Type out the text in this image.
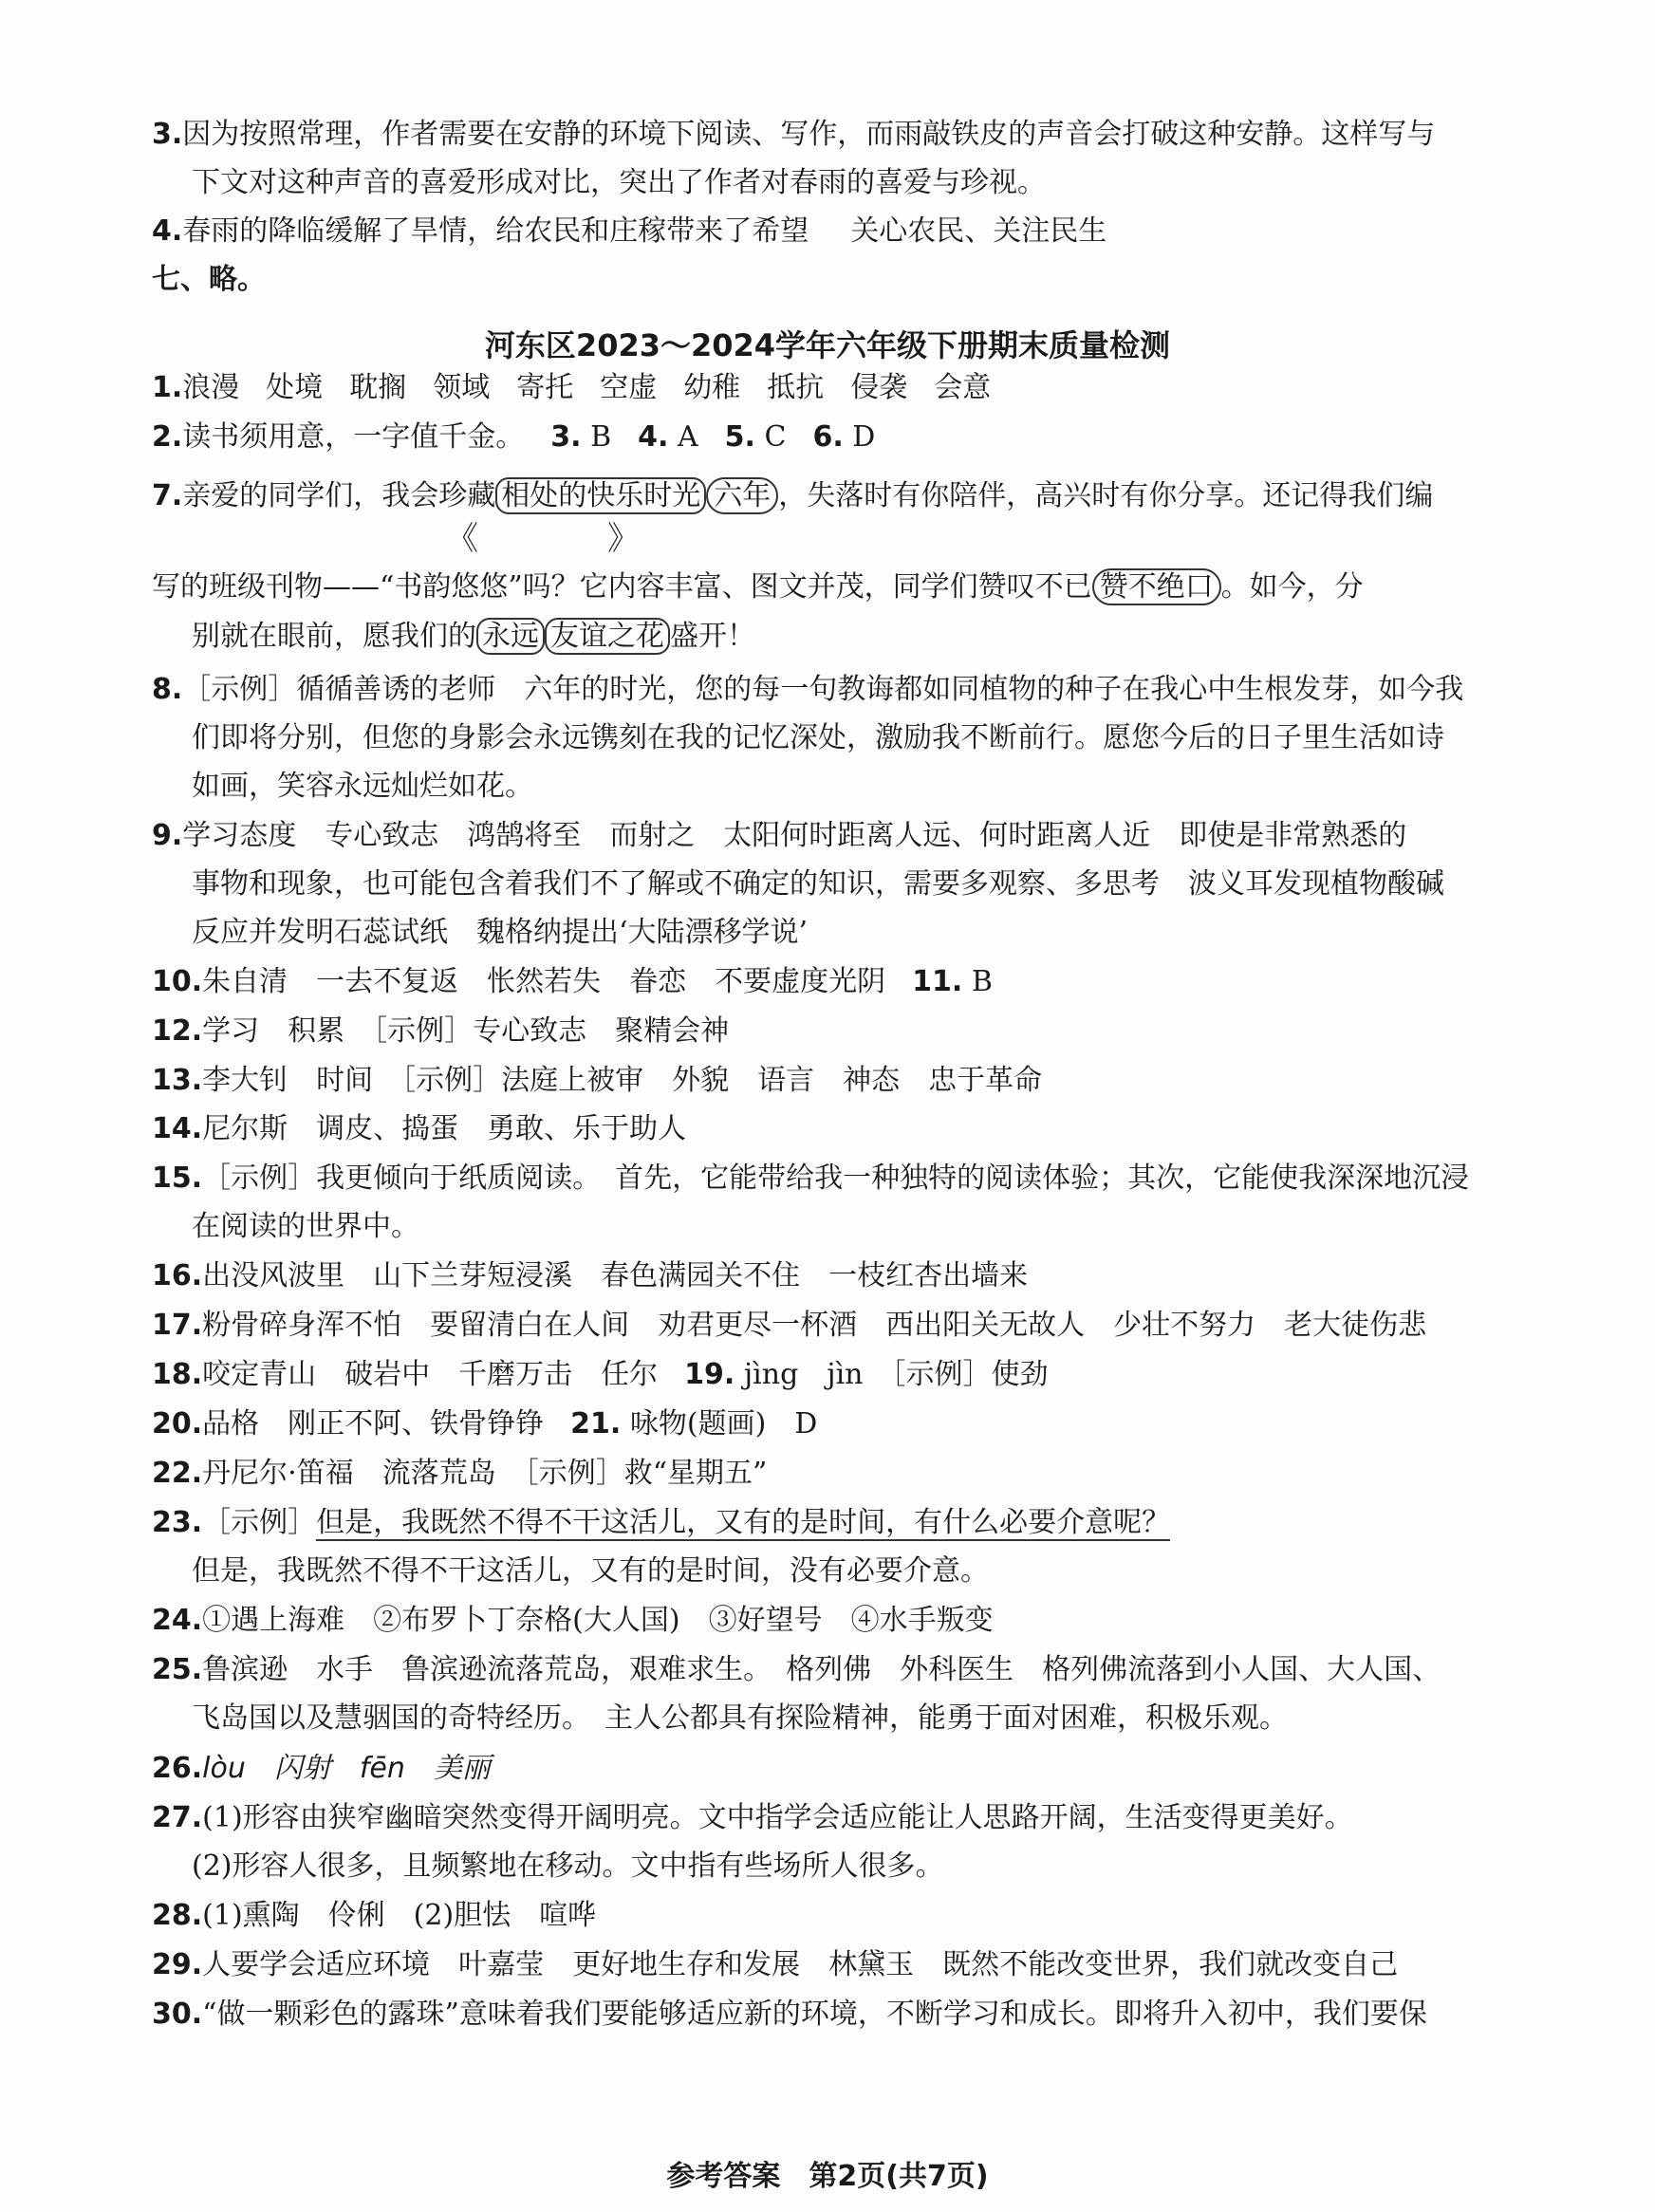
3.因为按照常理，作者需要在安静的环境下阅读、写作，而雨敲铁皮的声音会打破这种安静。这样写与
下文对这种声音的喜爱形成对比，突出了作者对春雨的喜爱与珍视。
4.春雨的降临缓解了旱情，给农民和庄稼带来了希望 关心农民、关注民生
七、略。
河东区2023～2024学年六年级下册期末质量检测
1.浪漫 处境 耽搁 领域 寄托 空虚 幼稚 抵抗 侵袭 会意
2.读书须用意，一字值千金。 3. B 4. A 5. C 6. D
7.亲爱的同学们，我会珍藏 相处的快乐时光 六年 ，失落时有你陪伴，高兴时有你分享。还记得我们编
《	》
写的班级刊物——“书韵悠悠”吗？它内容丰富、图文并茂，同学们赞叹不已 赞不绝口 。如今，分
别就在眼前，愿我们的 永远 友谊之花 盛开！
8.［示例］循循善诱的老师　六年的时光，您的每一句教诲都如同植物的种子在我心中生根发芽，如今我
们即将分别，但您的身影会永远镌刻在我的记忆深处，激励我不断前行。愿您今后的日子里生活如诗
如画，笑容永远灿烂如花。
9.学习态度　专心致志　鸿鹄将至　而射之　太阳何时距离人远、何时距离人近　即使是非常熟悉的
事物和现象，也可能包含着我们不了解或不确定的知识，需要多观察、多思考　波义耳发现植物酸碱
反应并发明石蕊试纸　魏格纳提出‘大陆漂移学说’
10.朱自清　一去不复返　怅然若失　眷恋　不要虚度光阴 11. B
12.学习　积累　［示例］专心致志　聚精会神
13.李大钊　时间　［示例］法庭上被审　外貌　语言　神态　忠于革命
14.尼尔斯　调皮、捣蛋　勇敢、乐于助人
15.［示例］我更倾向于纸质阅读。　首先，它能带给我一种独特的阅读体验；其次，它能使我深深地沉浸
在阅读的世界中。
16.出没风波里　山下兰芽短浸溪　春色满园关不住　一枝红杏出墙来
17.粉骨碎身浑不怕　要留清白在人间　劝君更尽一杯酒　西出阳关无故人　少壮不努力　老大徒伤悲
18.咬定青山　破岩中　千磨万击　任尔 19. jìng　jìn　［示例］使劲
20.品格　刚正不阿、铁骨铮铮 21. 咏物(题画)　D
22.丹尼尔·笛福　流落荒岛　［示例］救“星期五”
23.［示例］但是，我既然不得不干这活儿，又有的是时间，有什么必要介意呢？
但是，我既然不得不干这活儿，又有的是时间，没有必要介意。
24.①遇上海难　②布罗卜丁奈格(大人国)　③好望号　④水手叛变
25.鲁滨逊　水手　鲁滨逊流落荒岛，艰难求生。　格列佛　外科医生　格列佛流落到小人国、大人国、
飞岛国以及慧骃国的奇特经历。　主人公都具有探险精神，能勇于面对困难，积极乐观。
26.lòu　闪射　fēn　美丽
27.(1)形容由狭窄幽暗突然变得开阔明亮。文中指学会适应能让人思路开阔，生活变得更美好。
(2)形容人很多，且频繁地在移动。文中指有些场所人很多。
28.(1)熏陶　伶俐　(2)胆怯　喧哗
29.人要学会适应环境　叶嘉莹　更好地生存和发展　林黛玉　既然不能改变世界，我们就改变自己
30.“做一颗彩色的露珠”意味着我们要能够适应新的环境，不断学习和成长。即将升入初中，我们要保
参考答案　第2页(共7页)
